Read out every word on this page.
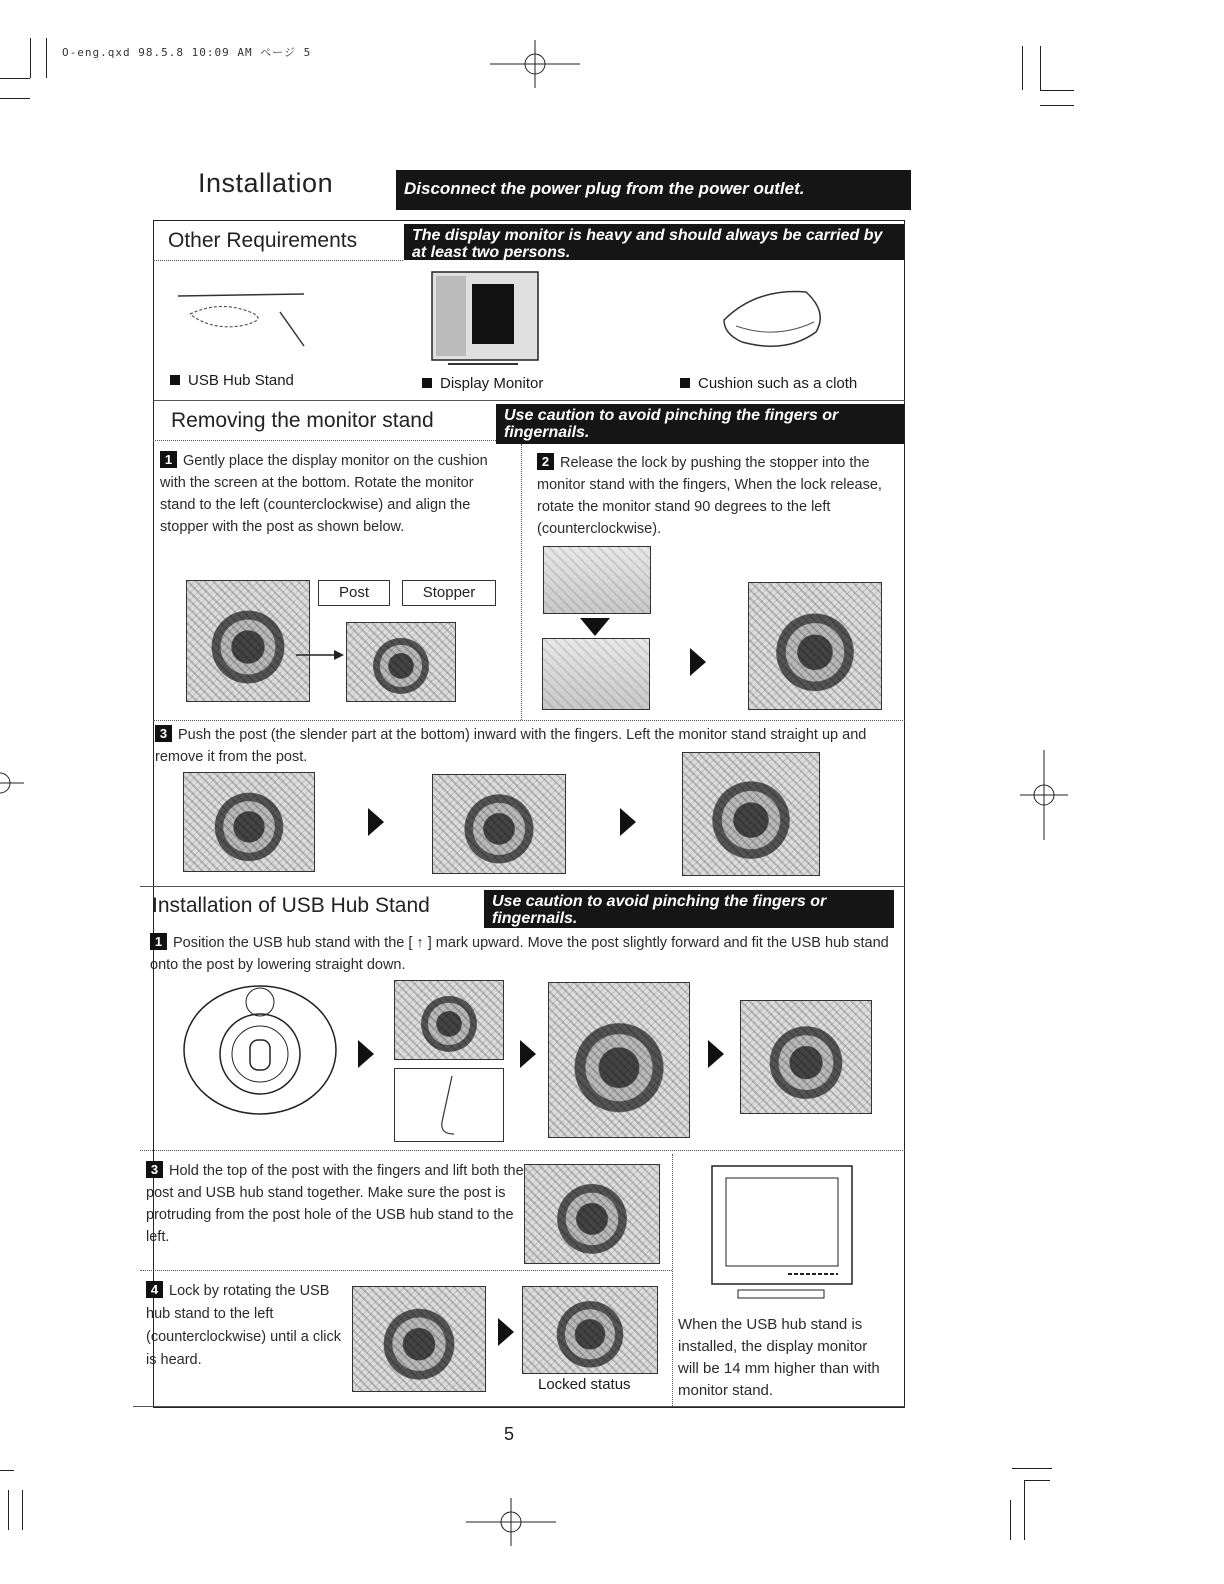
O-eng.qxd 98.5.8 10:09 AM ページ 5
Installation	Disconnect the power plug from the power outlet.
Other Requirements	The display monitor is heavy and should always be carried by at least two persons.
USB Hub Stand	Display Monitor	Cushion such as a cloth
Removing the monitor stand	Use caution to avoid pinching the fingers or fingernails.
1 Gently place the display monitor on the cushion with the screen at the bottom. Rotate the monitor stand to the left (counterclockwise) and align the stopper with the post as shown below.
Post	Stopper
2 Release the lock by pushing the stopper into the monitor stand with the fingers, When the lock release, rotate the monitor stand 90 degrees to the left (counterclockwise).
3 Push the post (the slender part at the bottom) inward with the fingers. Left the monitor stand straight up and remove it from the post.
Installation of USB Hub Stand	Use caution to avoid pinching the fingers or fingernails.
1 Position the USB hub stand with the [ ↑ ] mark upward. Move the post slightly forward and fit the USB hub stand onto the post by lowering straight down.
3 Hold the top of the post with the fingers and lift both the post and USB hub stand together. Make sure the post is protruding from the post hole of the USB hub stand to the left.
4 Lock by rotating the USB hub stand to the left (counterclockwise) until a click is heard.
Locked status
When the USB hub stand is installed, the display monitor will be 14 mm higher than with monitor stand.
5
